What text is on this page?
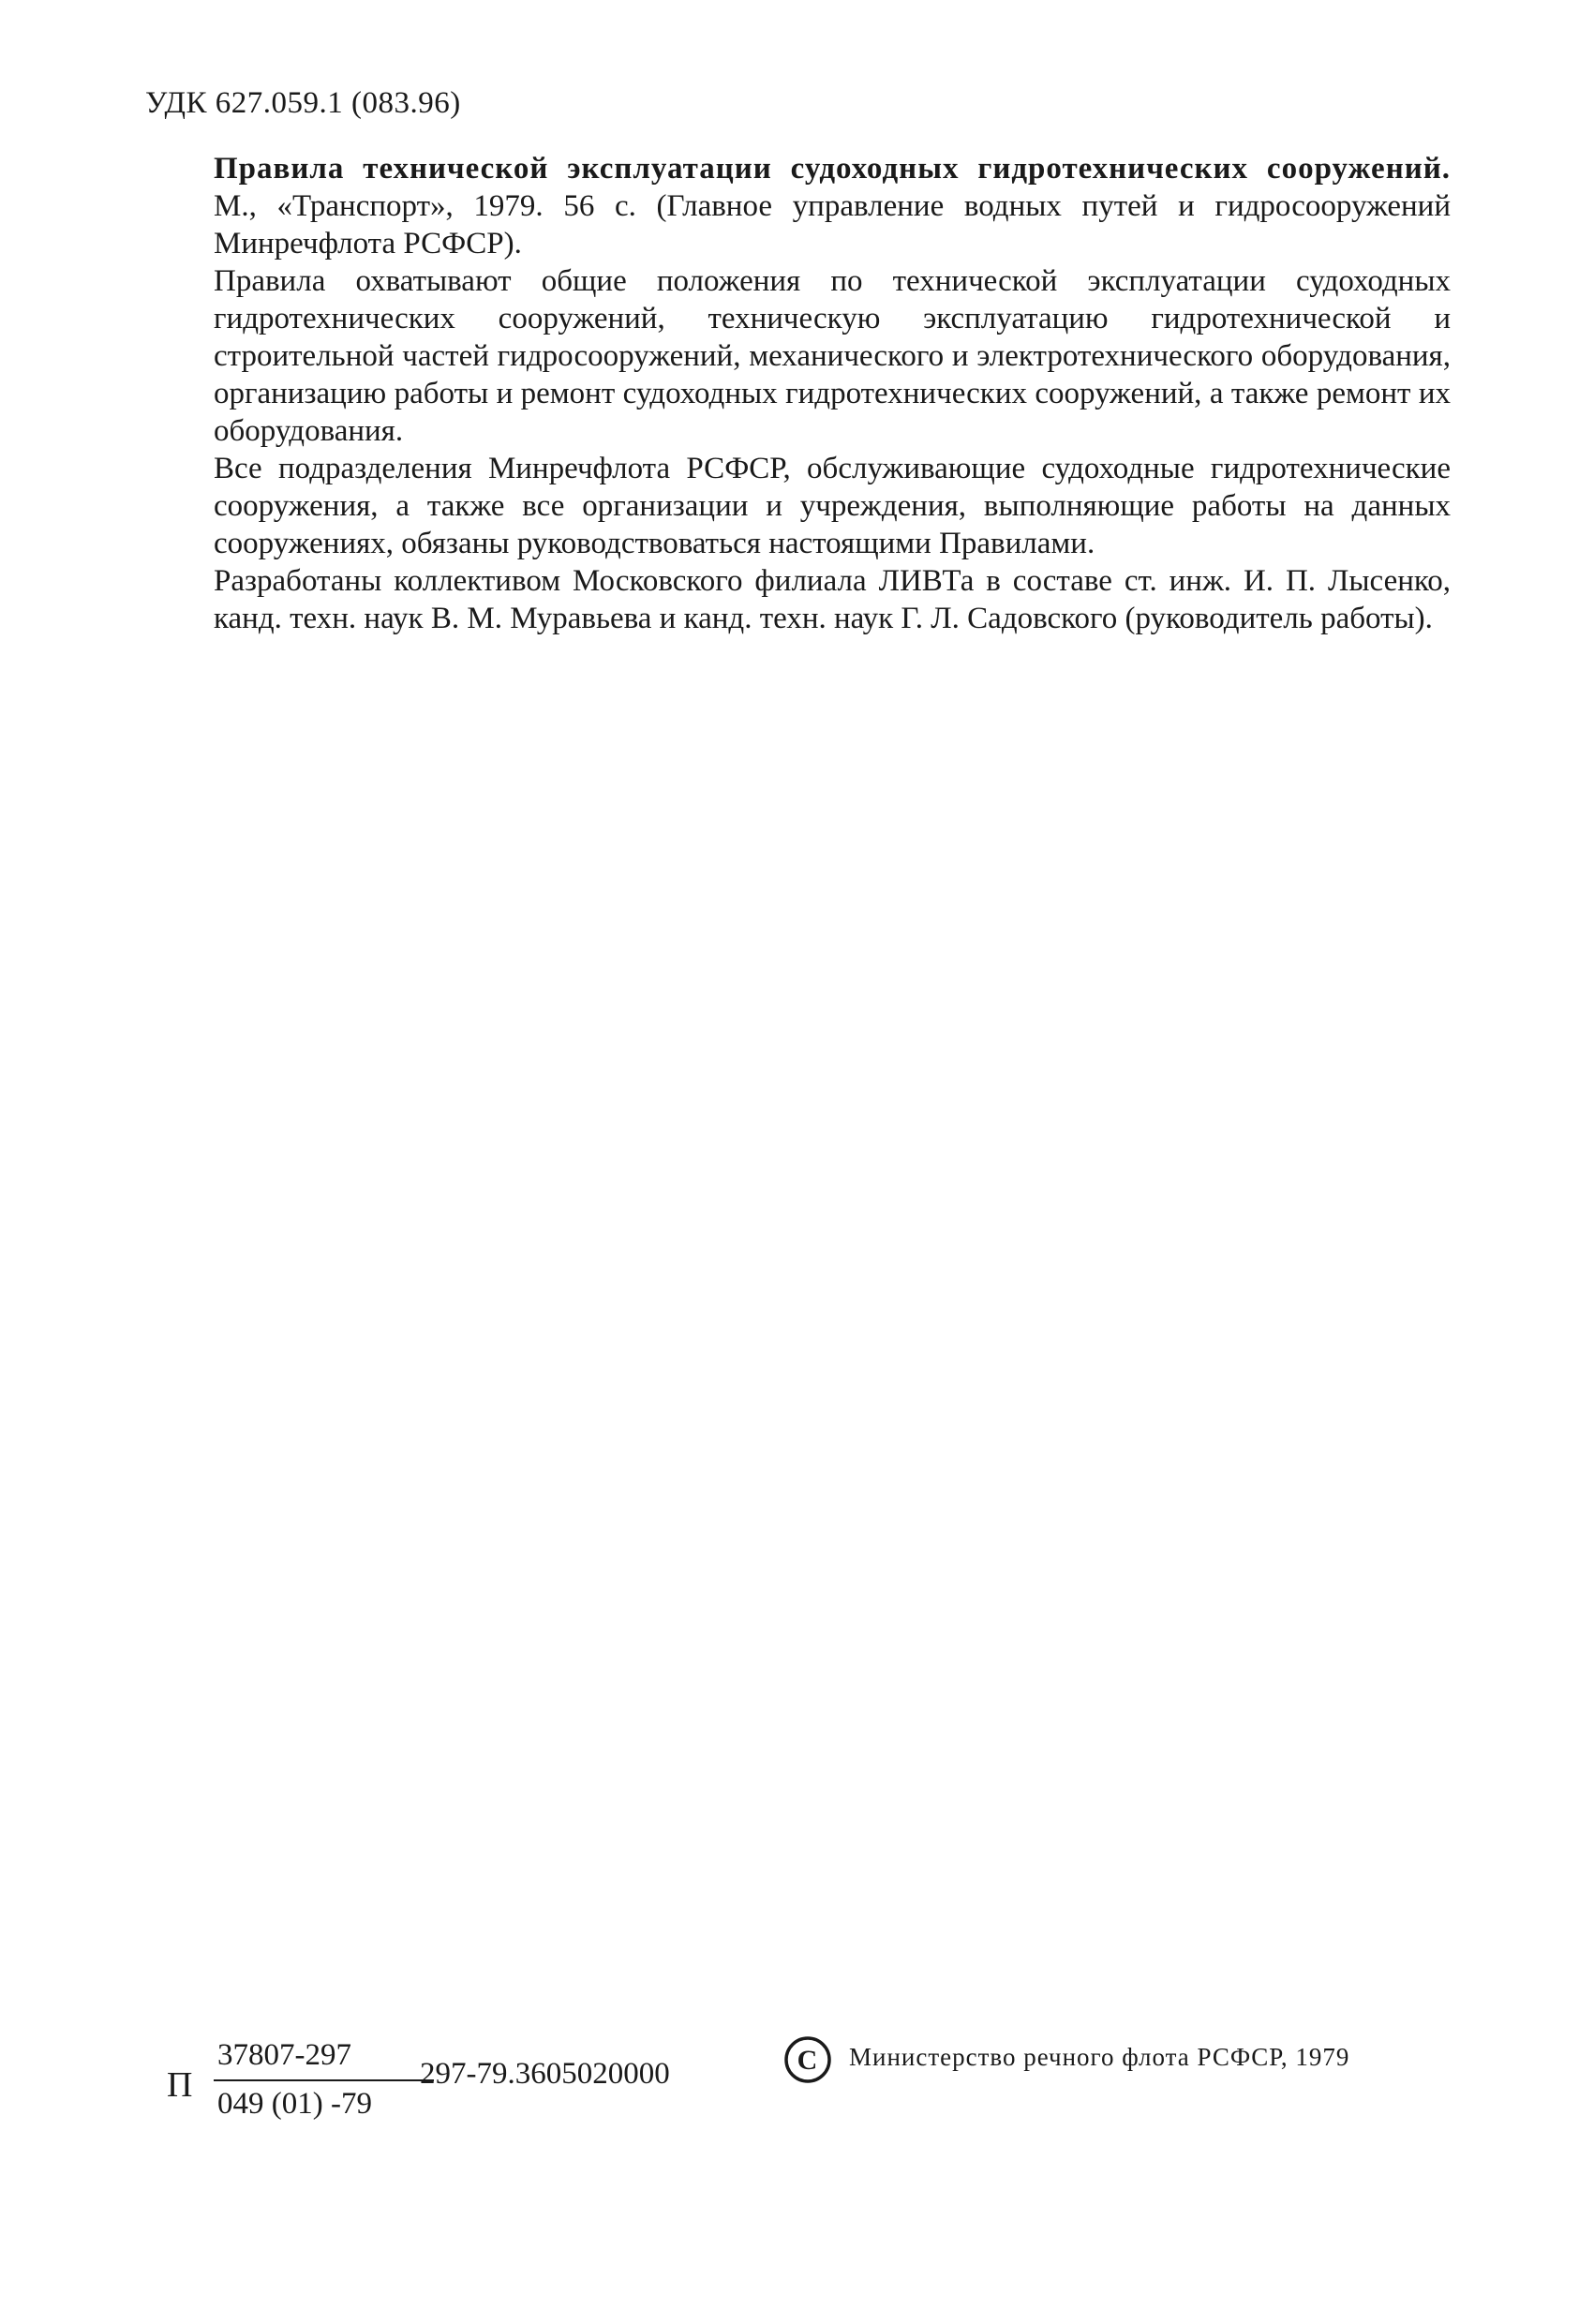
УДК 627.059.1 (083.96)

Правила технической эксплуатации судоходных гидротехнических сооружений. М., «Транспорт», 1979. 56 с. (Главное управление водных путей и гидросооружений Минречфлота РСФСР).

Правила охватывают общие положения по технической эксплуатации судоходных гидротехнических сооружений, техническую эксплуатацию гидротехнической и строительной частей гидросооружений, механического и электротехнического оборудования, организацию работы и ремонт судоходных гидротехнических сооружений, а также ремонт их оборудования.

Все подразделения Минречфлота РСФСР, обслуживающие судоходные гидротехнические сооружения, а также все организации и учреждения, выполняющие работы на данных сооружениях, обязаны руководствоваться настоящими Правилами.

Разработаны коллективом Московского филиала ЛИВТа в составе ст. инж. И. П. Лысенко, канд. техн. наук В. М. Муравьева и канд. техн. наук Г. Л. Садовского (руководитель работы).

П
37807-297
049 (01) -79
297-79.3605020000	C Министерство речного флота РСФСР, 1979
